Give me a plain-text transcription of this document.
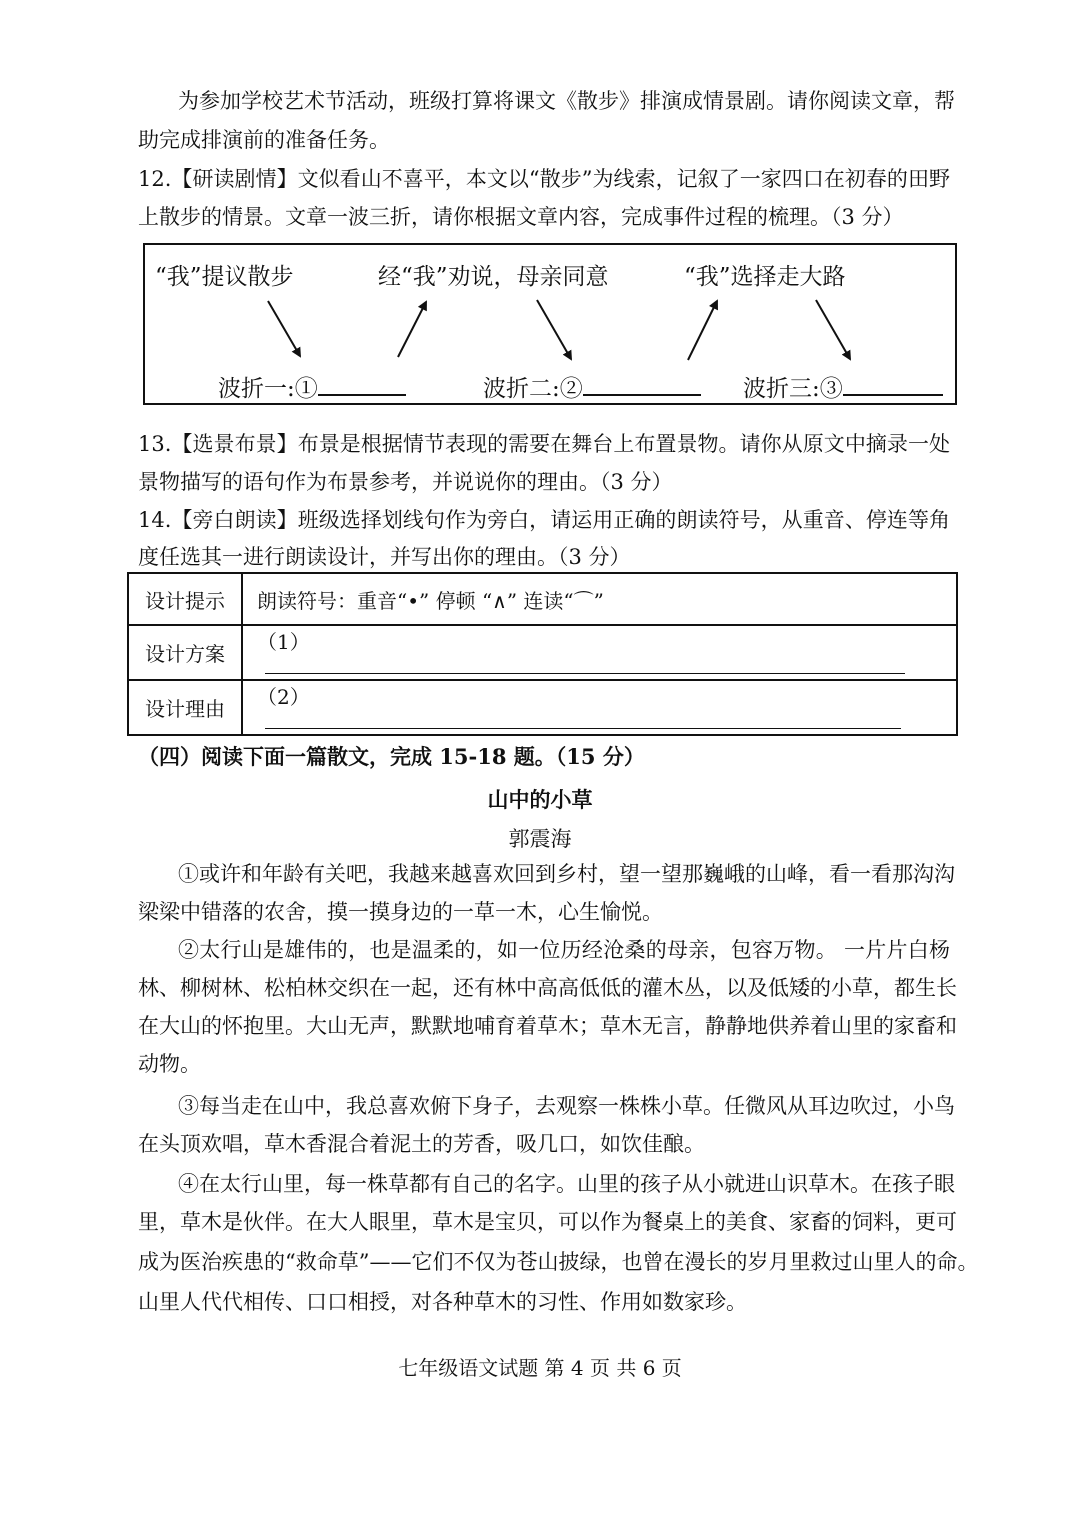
为参加学校艺术节活动，班级打算将课文《散步》排演成情景剧。请你阅读文章，帮
助完成排演前的准备任务。
12.【研读剧情】文似看山不喜平，本文以“散步”为线索，记叙了一家四口在初春的田野
上散步的情景。文章一波三折，请你根据文章内容，完成事件过程的梳理。（3 分）
“我”提议散步	经“我”劝说，母亲同意	“我”选择走大路
波折一:①	波折二:②	波折三:③
13.【选景布景】布景是根据情节表现的需要在舞台上布置景物。请你从原文中摘录一处
景物描写的语句作为布景参考，并说说你的理由。（3 分）
14.【旁白朗读】班级选择划线句作为旁白，请运用正确的朗读符号，从重音、停连等角
度任选其一进行朗读设计，并写出你的理由。（3 分）
设计提示	朗读符号：重音“•” 停顿 “∧” 连读“⌒”
设计方案	（1）
设计理由	（2）
（四）阅读下面一篇散文，完成 15-18 题。（15 分）
山中的小草
郭震海
①或许和年龄有关吧，我越来越喜欢回到乡村，望一望那巍峨的山峰，看一看那沟沟
梁梁中错落的农舍，摸一摸身边的一草一木，心生愉悦。
②太行山是雄伟的，也是温柔的，如一位历经沧桑的母亲，包容万物。 一片片白杨
林、柳树林、松柏林交织在一起，还有林中高高低低的灌木丛，以及低矮的小草，都生长
在大山的怀抱里。大山无声，默默地哺育着草木；草木无言，静静地供养着山里的家畜和
动物。
③每当走在山中，我总喜欢俯下身子，去观察一株株小草。任微风从耳边吹过，小鸟
在头顶欢唱，草木香混合着泥土的芳香，吸几口，如饮佳酿。
④在太行山里，每一株草都有自己的名字。山里的孩子从小就进山识草木。在孩子眼
里，草木是伙伴。在大人眼里，草木是宝贝，可以作为餐桌上的美食、家畜的饲料，更可
成为医治疾患的“救命草”——它们不仅为苍山披绿，也曾在漫长的岁月里救过山里人的命。
山里人代代相传、口口相授，对各种草木的习性、作用如数家珍。
七年级语文试题 第 4 页 共 6 页
